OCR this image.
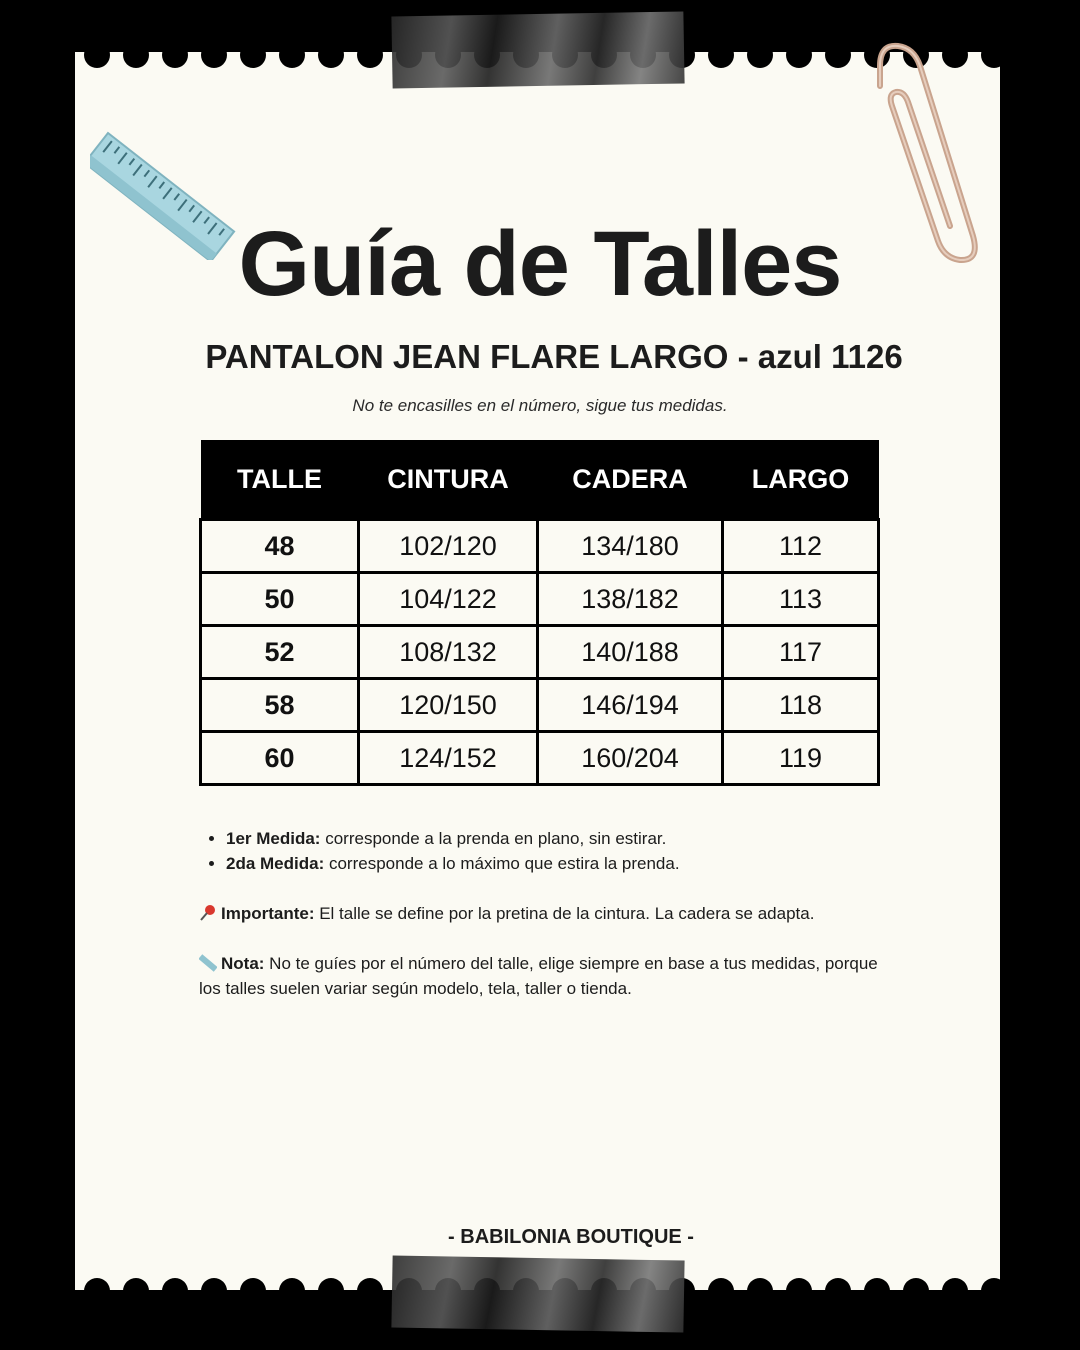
Guía de Talles
PANTALON JEAN FLARE LARGO - azul 1126
No te encasilles en el número, sigue tus medidas.
TALLE	CINTURA	CADERA	LARGO
48	102/120	134/180	112
50	104/122	138/182	113
52	108/132	140/188	117
58	120/150	146/194	118
60	124/152	160/204	119
• 1er Medida: corresponde a la prenda en plano, sin estirar.
• 2da Medida: corresponde a lo máximo que estira la prenda.
Importante: El talle se define por la pretina de la cintura. La cadera se adapta.
Nota: No te guíes por el número del talle, elige siempre en base a tus medidas, porque los talles suelen variar según modelo, tela, taller o tienda.
- BABILONIA BOUTIQUE -
